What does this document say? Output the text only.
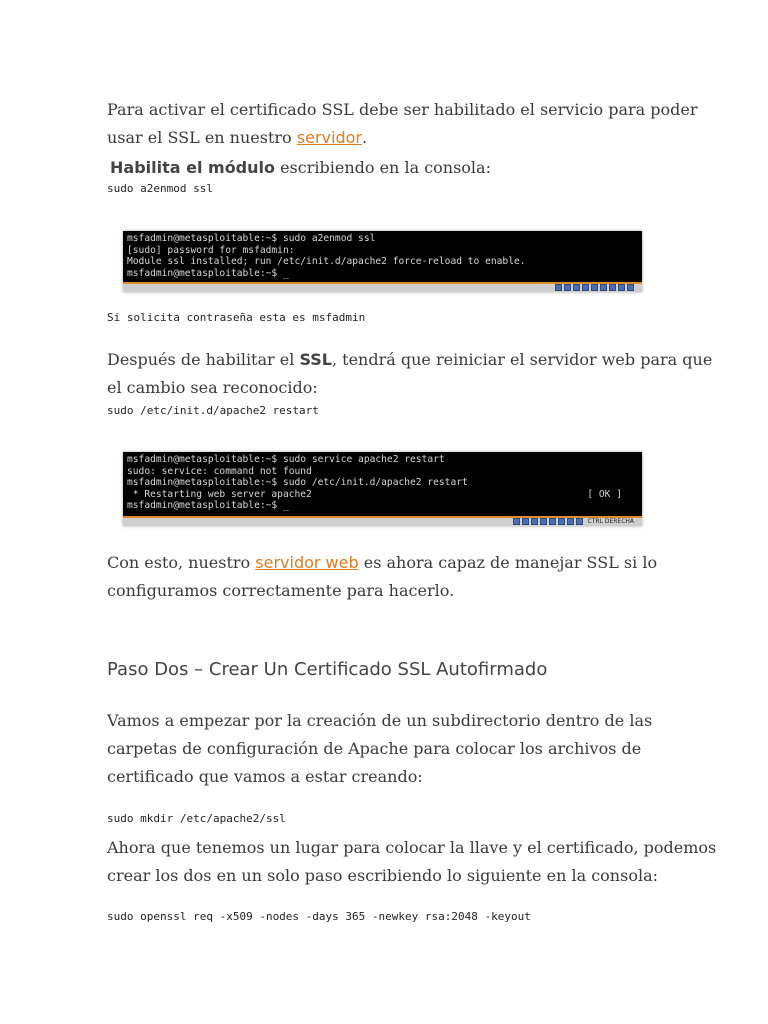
Para activar el certificado SSL debe ser habilitado el servicio para poder
usar el SSL en nuestro servidor.
Habilita el módulo escribiendo en la consola:
sudo a2enmod ssl
msfadmin@metasploitable:~$ sudo a2enmod ssl
[sudo] password for msfadmin:
Module ssl installed; run /etc/init.d/apache2 force-reload to enable.
msfadmin@metasploitable:~$ _
Si solicita contraseña esta es msfadmin
Después de habilitar el SSL, tendrá que reiniciar el servidor web para que
el cambio sea reconocido:
sudo /etc/init.d/apache2 restart
msfadmin@metasploitable:~$ sudo service apache2 restart
sudo: service: command not found
msfadmin@metasploitable:~$ sudo /etc/init.d/apache2 restart
* Restarting web server apache2
msfadmin@metasploitable:~$ _
[ OK ]
CTRL DERECHA
Con esto, nuestro servidor web es ahora capaz de manejar SSL si lo
configuramos correctamente para hacerlo.
Paso Dos – Crear Un Certificado SSL Autofirmado
Vamos a empezar por la creación de un subdirectorio dentro de las
carpetas de configuración de Apache para colocar los archivos de
certificado que vamos a estar creando:
sudo mkdir /etc/apache2/ssl
Ahora que tenemos un lugar para colocar la llave y el certificado, podemos
crear los dos en un solo paso escribiendo lo siguiente en la consola:
sudo openssl req -x509 -nodes -days 365 -newkey rsa:2048 -keyout
